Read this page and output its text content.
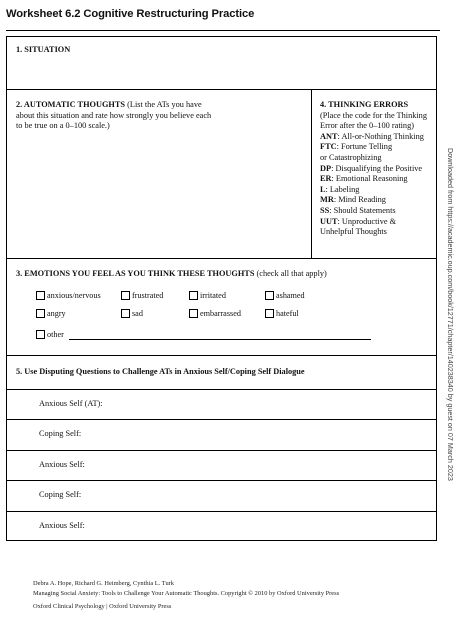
Worksheet 6.2 Cognitive Restructuring Practice
1. SITUATION
2. AUTOMATIC THOUGHTS (List the ATs you have
about this situation and rate how strongly you believe each
to be true on a 0–100 scale.)
4. THINKING ERRORS
(Place the code for the Thinking
Error after the 0–100 rating)
ANT: All-or-Nothing Thinking
FTC: Fortune Telling
or Catastrophizing
DP: Disqualifying the Positive
ER: Emotional Reasoning
L: Labeling
MR: Mind Reading
SS: Should Statements
UUT: Unproductive &
Unhelpful Thoughts
3. EMOTIONS YOU FEEL AS YOU THINK THESE THOUGHTS (check all that apply)
anxious/nervous	frustrated	irritated	ashamed
angry	sad	embarrassed	hateful
other
5. Use Disputing Questions to Challenge ATs in Anxious Self/Coping Self Dialogue
Anxious Self (AT):
Coping Self:
Anxious Self:
Coping Self:
Anxious Self:
Debra A. Hope, Richard G. Heimberg, Cynthia L. Turk
Managing Social Anxiety: Tools to Challenge Your Automatic Thoughts. Copyright © 2010 by Oxford University Press
Oxford Clinical Psychology | Oxford University Press
Downloaded from https://academic.oup.com/book/12771/chapter/140238340 by guest on 07 March 2023
